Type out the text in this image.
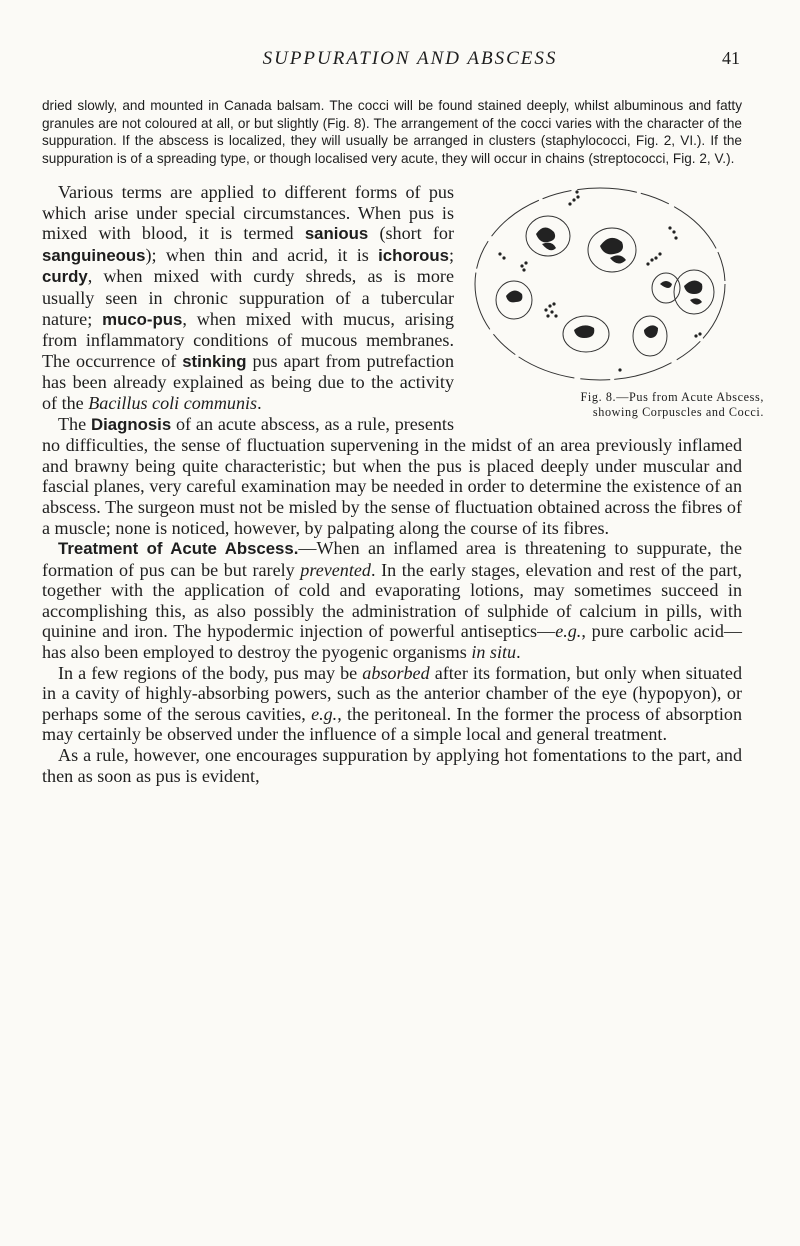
SUPPURATION AND ABSCESS	41

dried slowly, and mounted in Canada balsam. The cocci will be found stained deeply, whilst albuminous and fatty granules are not coloured at all, or but slightly (Fig. 8). The arrangement of the cocci varies with the character of the suppuration. If the abscess is localized, they will usually be arranged in clusters (staphylococci, Fig. 2, VI.). If the suppuration is of a spreading type, or though localised very acute, they will occur in chains (streptococci, Fig. 2, V.).

Fig. 8.—Pus from Acute Abscess,
showing Corpuscles and Cocci.

Various terms are applied to different forms of pus which arise under special circumstances. When pus is mixed with blood, it is termed sanious (short for sanguineous); when thin and acrid, it is ichorous; curdy, when mixed with curdy shreds, as is more usually seen in chronic suppuration of a tubercular nature; muco-pus, when mixed with mucus, arising from inflammatory conditions of mucous membranes. The occurrence of stinking pus apart from putrefaction has been already explained as being due to the activity of the Bacillus coli communis.

The Diagnosis of an acute abscess, as a rule, presents no difficulties, the sense of fluctuation supervening in the midst of an area previously inflamed and brawny being quite characteristic; but when the pus is placed deeply under muscular and fascial planes, very careful examination may be needed in order to determine the existence of an abscess. The surgeon must not be misled by the sense of fluctuation obtained across the fibres of a muscle; none is noticed, however, by palpating along the course of its fibres.

Treatment of Acute Abscess.—When an inflamed area is threatening to suppurate, the formation of pus can be but rarely prevented. In the early stages, elevation and rest of the part, together with the application of cold and evaporating lotions, may sometimes succeed in accomplishing this, as also possibly the administration of sulphide of calcium in pills, with quinine and iron. The hypodermic injection of powerful antiseptics—e.g., pure carbolic acid—has also been employed to destroy the pyogenic organisms in situ.

In a few regions of the body, pus may be absorbed after its formation, but only when situated in a cavity of highly-absorbing powers, such as the anterior chamber of the eye (hypopyon), or perhaps some of the serous cavities, e.g., the peritoneal. In the former the process of absorption may certainly be observed under the influence of a simple local and general treatment.

As a rule, however, one encourages suppuration by applying hot fomentations to the part, and then as soon as pus is evident,
